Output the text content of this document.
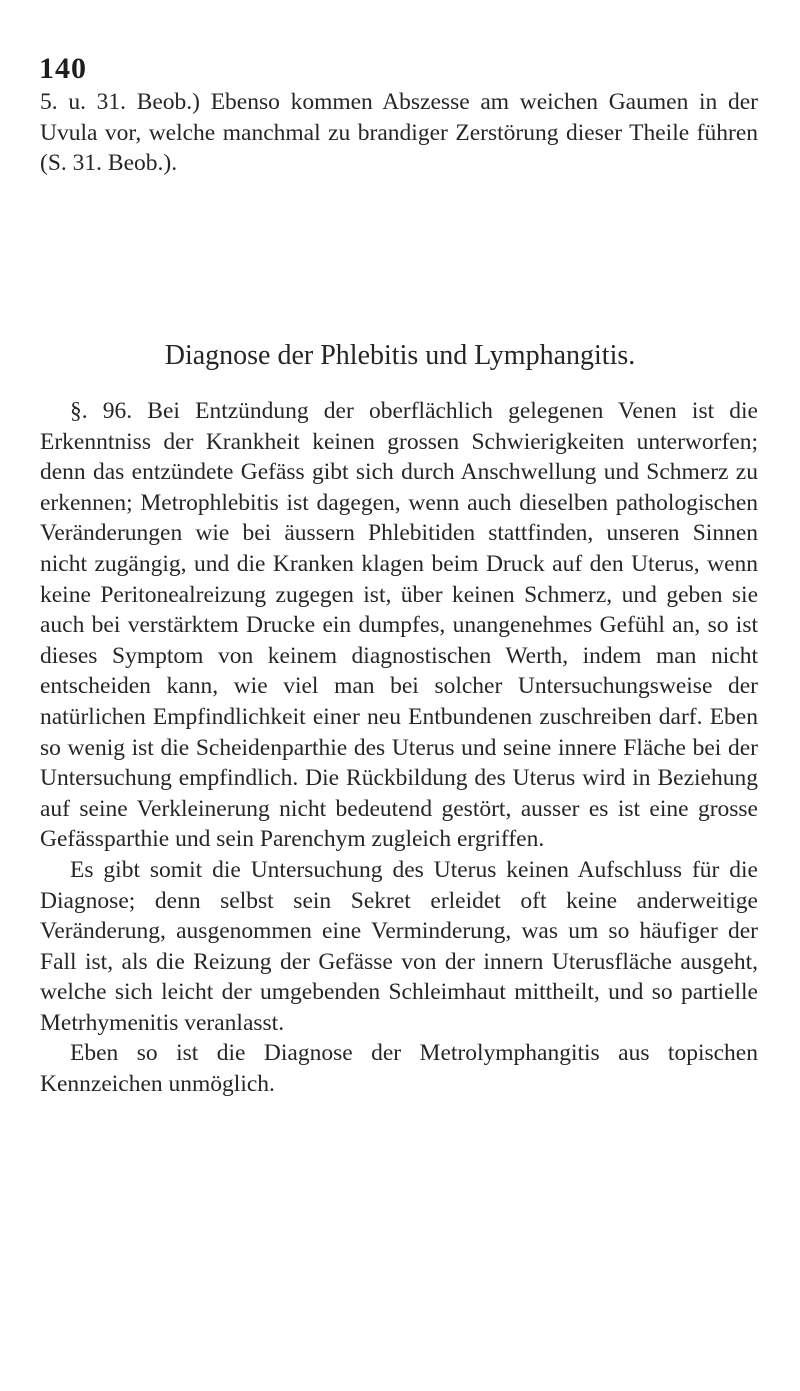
140

5. u. 31. Beob.) Ebenso kommen Abszesse am weichen Gaumen in der Uvula vor, welche manchmal zu brandiger Zerstörung dieser Theile führen (S. 31. Beob.).

Diagnose der Phlebitis und Lymphangitis.

§. 96. Bei Entzündung der oberflächlich gelegenen Venen ist die Erkenntniss der Krankheit keinen grossen Schwierigkeiten unterworfen; denn das entzündete Gefäss gibt sich durch Anschwellung und Schmerz zu erkennen; Metrophlebitis ist dagegen, wenn auch dieselben pathologischen Veränderungen wie bei äussern Phlebitiden stattfinden, unseren Sinnen nicht zugängig, und die Kranken klagen beim Druck auf den Uterus, wenn keine Peritonealreizung zugegen ist, über keinen Schmerz, und geben sie auch bei verstärktem Drucke ein dumpfes, unangenehmes Gefühl an, so ist dieses Symptom von keinem diagnostischen Werth, indem man nicht entscheiden kann, wie viel man bei solcher Untersuchungsweise der natürlichen Empfindlichkeit einer neu Entbundenen zuschreiben darf. Eben so wenig ist die Scheidenparthie des Uterus und seine innere Fläche bei der Untersuchung empfindlich. Die Rückbildung des Uterus wird in Beziehung auf seine Verkleinerung nicht bedeutend gestört, ausser es ist eine grosse Gefässparthie und sein Parenchym zugleich ergriffen.

Es gibt somit die Untersuchung des Uterus keinen Aufschluss für die Diagnose; denn selbst sein Sekret erleidet oft keine anderweitige Veränderung, ausgenommen eine Verminderung, was um so häufiger der Fall ist, als die Reizung der Gefässe von der innern Uterusfläche ausgeht, welche sich leicht der umgebenden Schleimhaut mittheilt, und so partielle Metrhymenitis veranlasst.

Eben so ist die Diagnose der Metrolymphangitis aus topischen Kennzeichen unmöglich.
